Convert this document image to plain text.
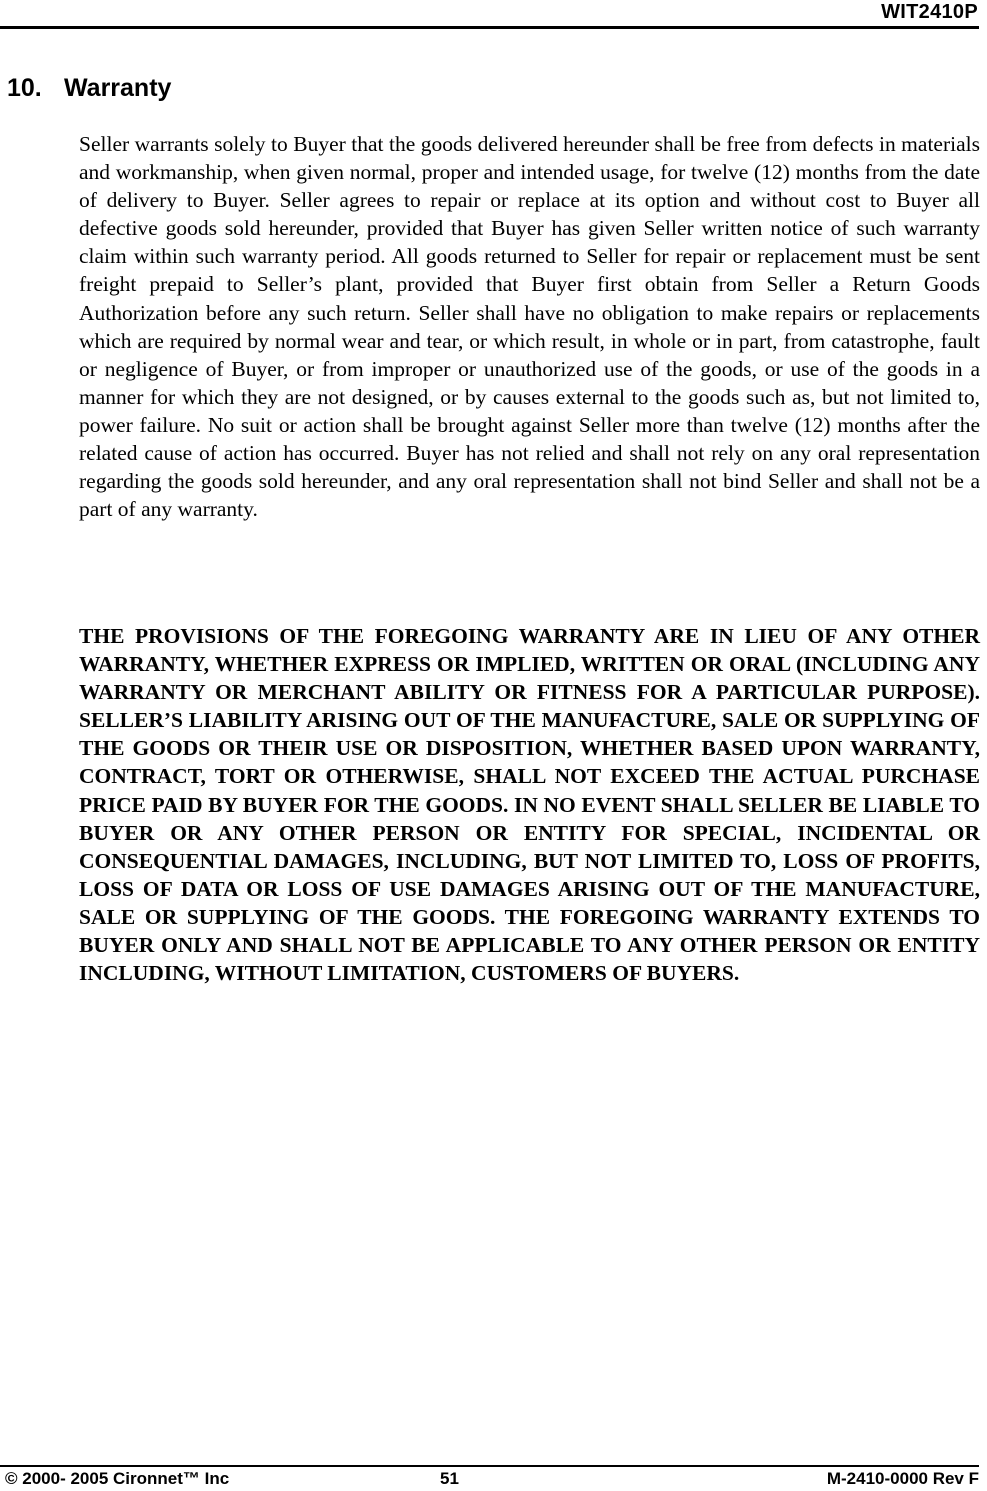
WIT2410P
10. Warranty

Seller warrants solely to Buyer that the goods delivered hereunder shall be free from defects in materials and workmanship, when given normal, proper and intended usage, for twelve (12) months from the date of delivery to Buyer. Seller agrees to repair or replace at its option and without cost to Buyer all defective goods sold hereunder, provided that Buyer has given Seller written notice of such warranty claim within such warranty period. All goods returned to Seller for repair or replacement must be sent freight prepaid to Seller’s plant, provided that Buyer first obtain from Seller a Return Goods Authorization before any such return. Seller shall have no obligation to make repairs or replacements which are required by normal wear and tear, or which result, in whole or in part, from catastrophe, fault or negligence of Buyer, or from improper or unauthorized use of the goods, or use of the goods in a manner for which they are not designed, or by causes external to the goods such as, but not limited to, power failure. No suit or action shall be brought against Seller more than twelve (12) months after the related cause of action has occurred. Buyer has not relied and shall not rely on any oral representation regarding the goods sold hereunder, and any oral representation shall not bind Seller and shall not be a part of any warranty.

THE PROVISIONS OF THE FOREGOING WARRANTY ARE IN LIEU OF ANY OTHER WARRANTY, WHETHER EXPRESS OR IMPLIED, WRITTEN OR ORAL (INCLUDING ANY WARRANTY OR MERCHANT ABILITY OR FITNESS FOR A PARTICULAR PURPOSE). SELLER’S LIABILITY ARISING OUT OF THE MANUFACTURE, SALE OR SUPPLYING OF THE GOODS OR THEIR USE OR DISPOSITION, WHETHER BASED UPON WARRANTY, CONTRACT, TORT OR OTHERWISE, SHALL NOT EXCEED THE ACTUAL PURCHASE PRICE PAID BY BUYER FOR THE GOODS. IN NO EVENT SHALL SELLER BE LIABLE TO BUYER OR ANY OTHER PERSON OR ENTITY FOR SPECIAL, INCIDENTAL OR CONSEQUENTIAL DAMAGES, INCLUDING, BUT NOT LIMITED TO, LOSS OF PROFITS, LOSS OF DATA OR LOSS OF USE DAMAGES ARISING OUT OF THE MANUFACTURE, SALE OR SUPPLYING OF THE GOODS. THE FOREGOING WARRANTY EXTENDS TO BUYER ONLY AND SHALL NOT BE APPLICABLE TO ANY OTHER PERSON OR ENTITY INCLUDING, WITHOUT LIMITATION, CUSTOMERS OF BUYERS.

© 2000- 2005 Cironnet™ Inc	51	M-2410-0000 Rev F
